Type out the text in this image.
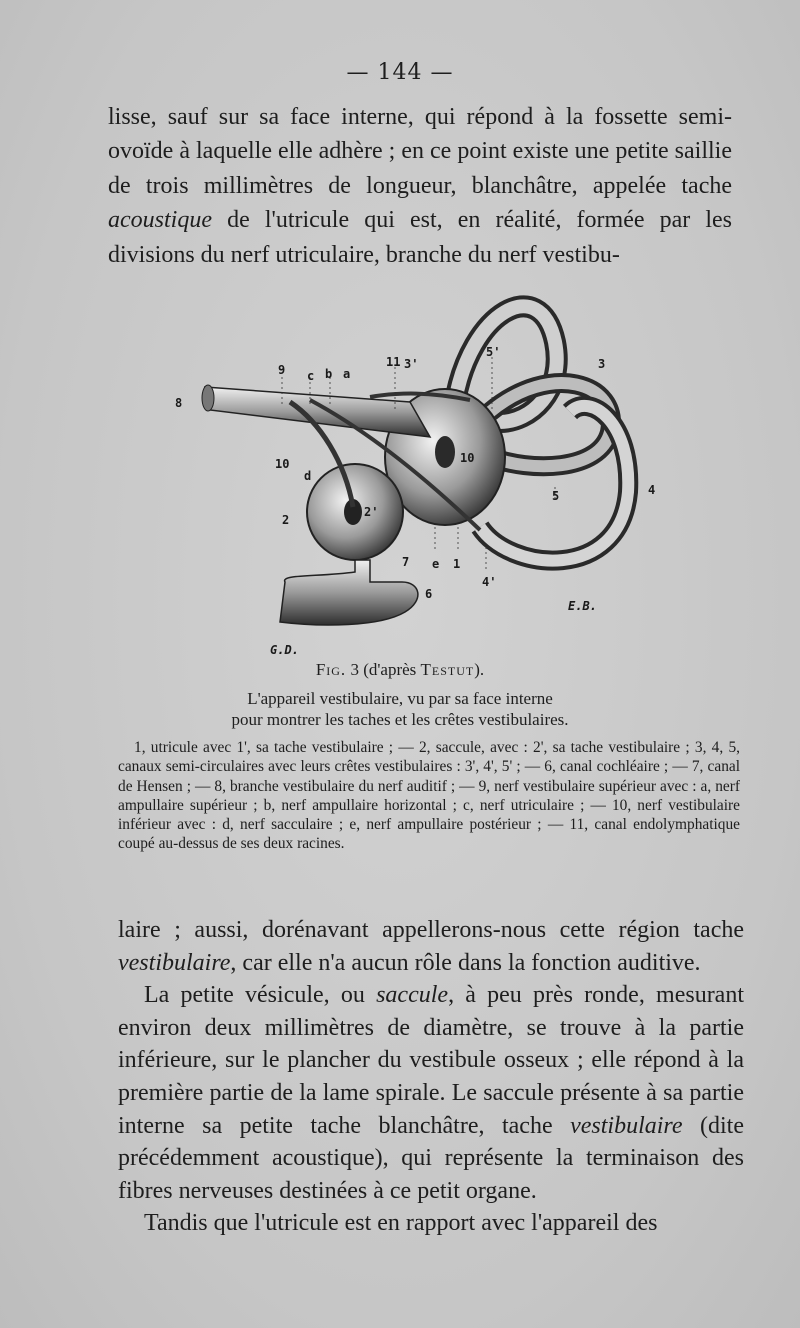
— 144 —

lisse, sauf sur sa face interne, qui répond à la fossette semi-ovoïde à laquelle elle adhère ; en ce point existe une petite saillie de trois millimètres de longueur, blanchâtre, appelée tache acoustique de l'utricule qui est, en réalité, formée par les divisions du nerf utriculaire, branche du nerf vestibu-

8
9 c b a
11 3'
5'
3
10
d
10
5	4
2
2'
7 e 1
6
4'
G.D.
E.B.
Fig. 3 (d'après Testut).
L'appareil vestibulaire, vu par sa face interne
pour montrer les taches et les crêtes vestibulaires.

1, utricule avec 1', sa tache vestibulaire ; — 2, saccule, avec : 2', sa tache vestibulaire ; 3, 4, 5, canaux semi-circulaires avec leurs crêtes vestibulaires : 3', 4', 5' ; — 6, canal cochléaire ; — 7, canal de Hensen ; — 8, branche vestibulaire du nerf auditif ; — 9, nerf vestibulaire supérieur avec : a, nerf ampullaire supérieur ; b, nerf ampullaire horizontal ; c, nerf utriculaire ; — 10, nerf vestibulaire inférieur avec : d, nerf sacculaire ; e, nerf ampullaire postérieur ; — 11, canal endolymphatique coupé au-dessus de ses deux racines.

laire ; aussi, dorénavant appellerons-nous cette région tache vestibulaire, car elle n'a aucun rôle dans la fonction auditive.
La petite vésicule, ou saccule, à peu près ronde, mesurant environ deux millimètres de diamètre, se trouve à la partie inférieure, sur le plancher du vestibule osseux ; elle répond à la première partie de la lame spirale. Le saccule présente à sa partie interne sa petite tache blanchâtre, tache vestibulaire (dite précédemment acoustique), qui représente la terminaison des fibres nerveuses destinées à ce petit organe.
Tandis que l'utricule est en rapport avec l'appareil des
